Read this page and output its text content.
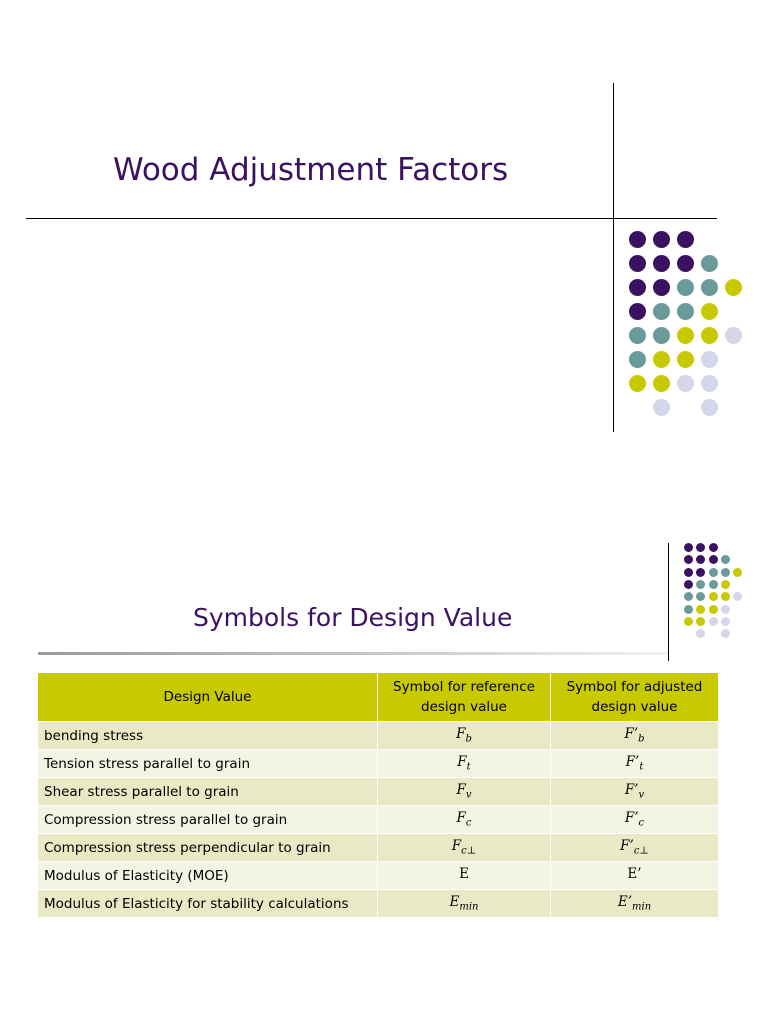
Wood Adjustment Factors
Symbols for Design Value
Design Value	Symbol for reference design value	Symbol for adjusted design value
bending stress	$F_b$	$F’_b$
Tension stress parallel to grain	$F_t$	$F’_t$
Shear stress parallel to grain	$F_v$	$F’_v$
Compression stress parallel to grain	$F_c$	$F’_c$
Compression stress perpendicular to grain	$F_{c\perp}$	$F’_{c\perp}$
Modulus of Elasticity (MOE)	E	E’
Modulus of Elasticity for stability calculations	$E_{min}$	$E’_{min}$
